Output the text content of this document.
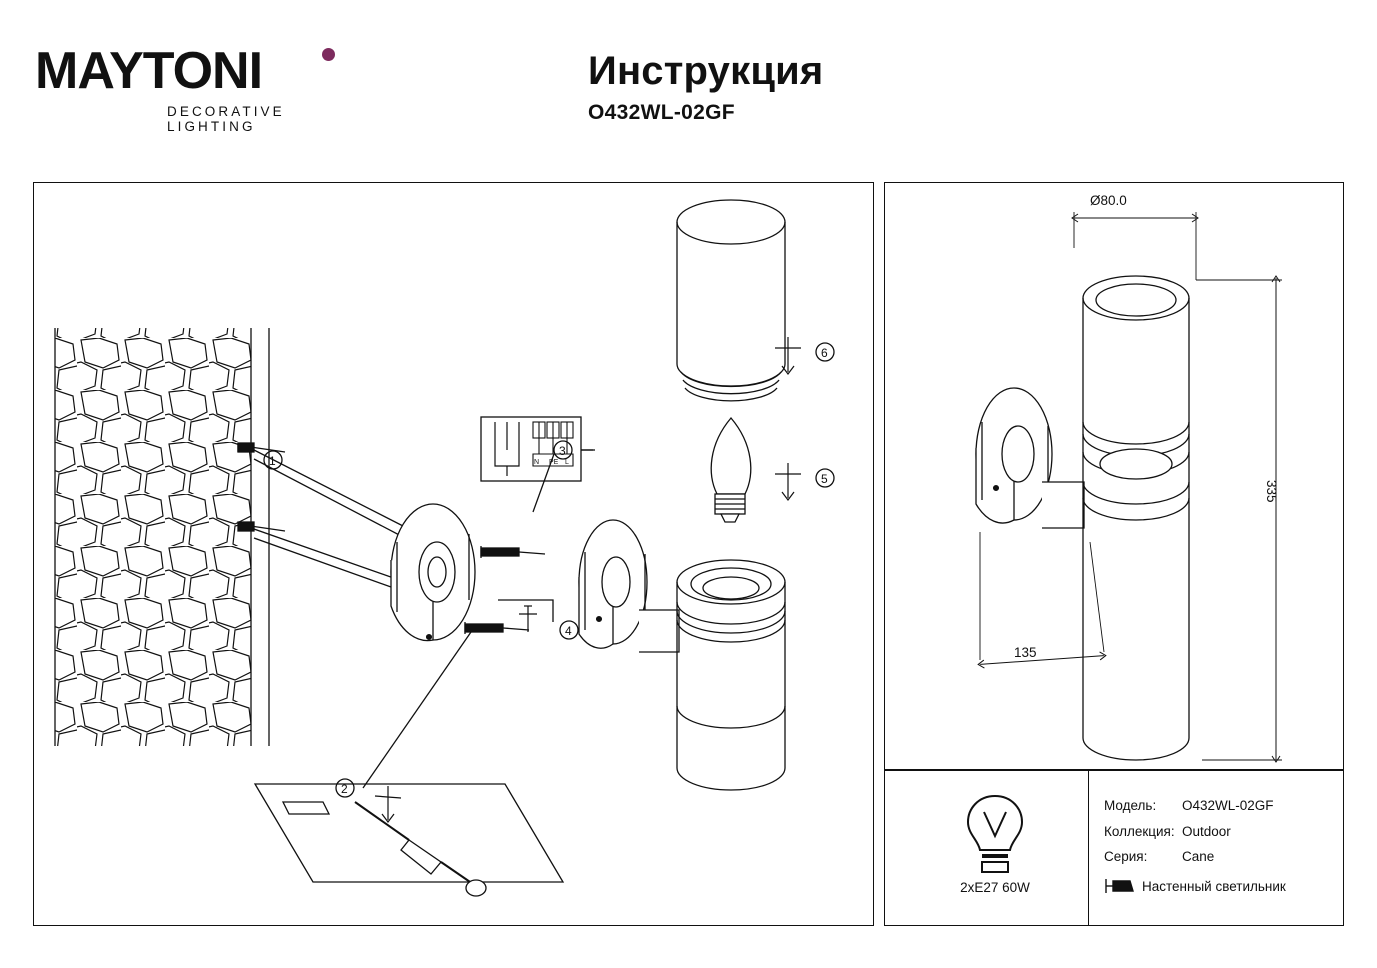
MAYTONI
DECORATIVE LIGHTING
Инструкция
O432WL-02GF
1
4
N PE L
3
5
6
2
Ø80.0
335
135
2xE27 60W
Модель:	O432WL-02GF
Коллекция: Outdoor
Серия:	Cane
Настенный светильник
